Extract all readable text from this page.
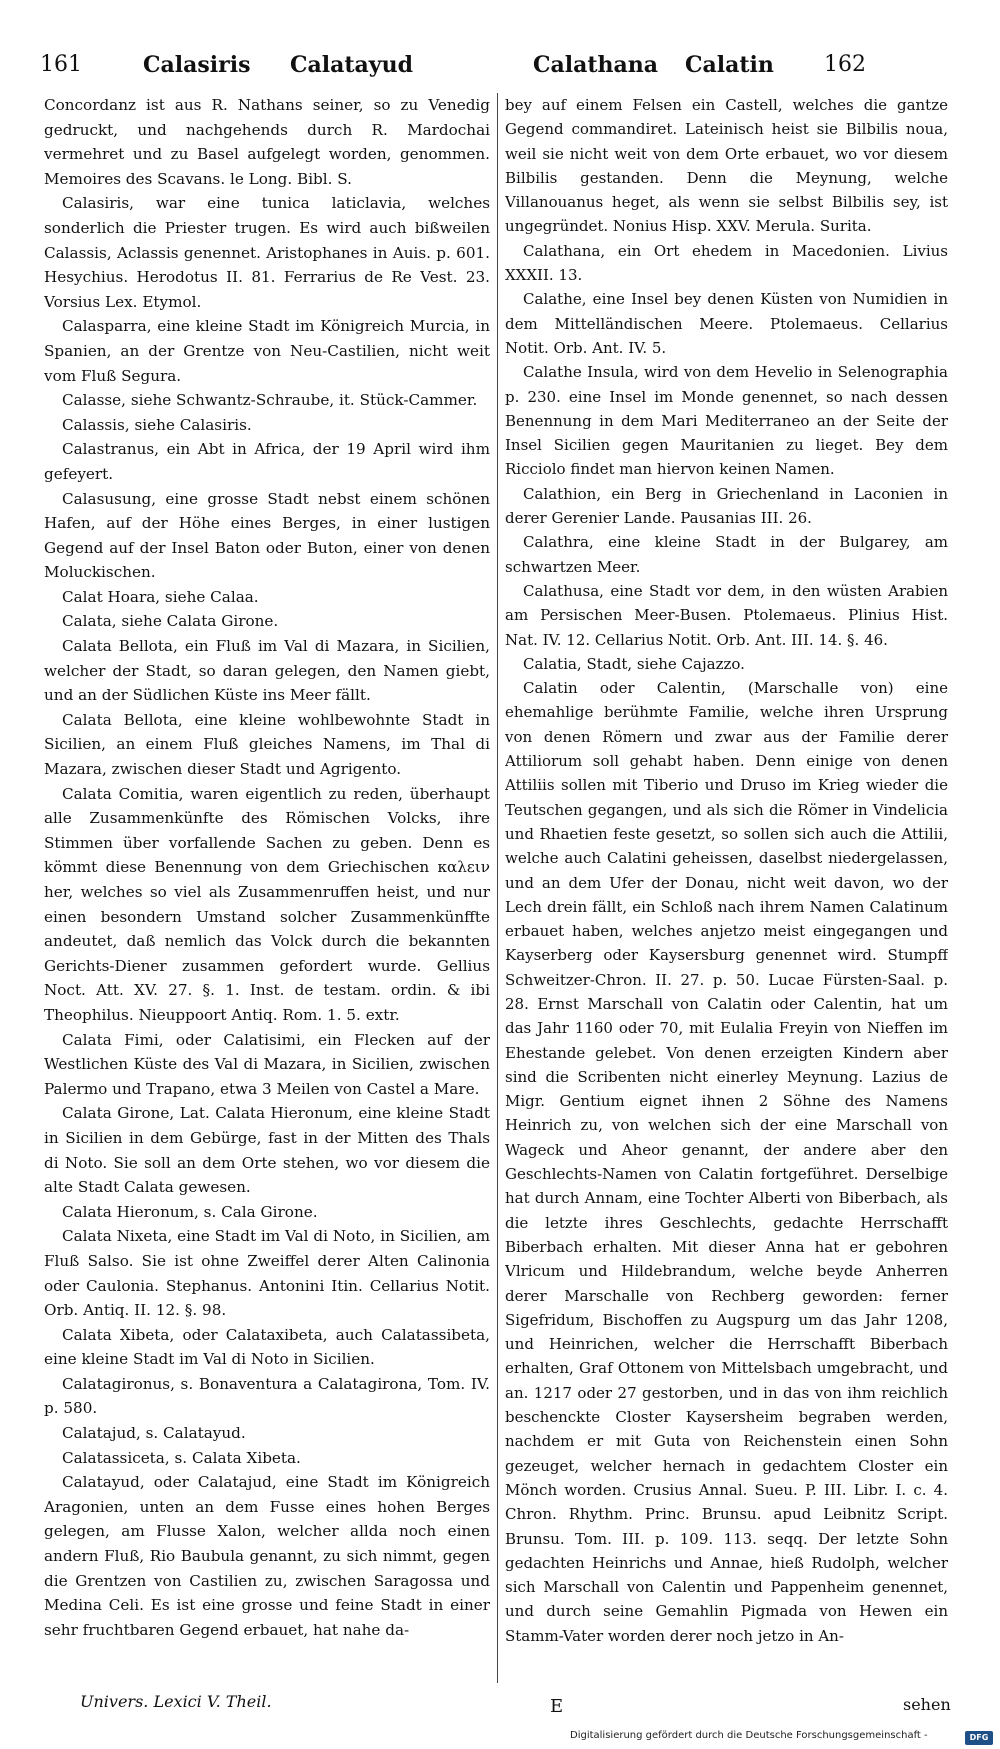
161	Calasiris Calatayud	Calathana Calatin 162

Concordanz ist aus R. Nathans seiner, so zu Venedig gedruckt, und nachgehends durch R. Mardochai vermehret und zu Basel aufgelegt worden, genommen. Memoires des Scavans. le Long. Bibl. S.

Calasiris, war eine tunica laticlavia, welches sonderlich die Priester trugen. Es wird auch bißweilen Calassis, Aclassis genennet. Aristophanes in Auis. p. 601. Hesychius. Herodotus II. 81. Ferrarius de Re Vest. 23. Vorsius Lex. Etymol.

Calasparra, eine kleine Stadt im Königreich Murcia, in Spanien, an der Grentze von Neu-Castilien, nicht weit vom Fluß Segura.

Calasse, siehe Schwantz-Schraube, it. Stück-Cammer.

Calassis, siehe Calasiris.

Calastranus, ein Abt in Africa, der 19 April wird ihm gefeyert.

Calasusung, eine grosse Stadt nebst einem schönen Hafen, auf der Höhe eines Berges, in einer lustigen Gegend auf der Insel Baton oder Buton, einer von denen Moluckischen.

Calat Hoara, siehe Calaa.

Calata, siehe Calata Girone.

Calata Bellota, ein Fluß im Val di Mazara, in Sicilien, welcher der Stadt, so daran gelegen, den Namen giebt, und an der Südlichen Küste ins Meer fällt.

Calata Bellota, eine kleine wohlbewohnte Stadt in Sicilien, an einem Fluß gleiches Namens, im Thal di Mazara, zwischen dieser Stadt und Agrigento.

Calata Comitia, waren eigentlich zu reden, überhaupt alle Zusammenkünfte des Römischen Volcks, ihre Stimmen über vorfallende Sachen zu geben. Denn es kömmt diese Benennung von dem Griechischen καλειν her, welches so viel als Zusammenruffen heist, und nur einen besondern Umstand solcher Zusammenkünffte andeutet, daß nemlich das Volck durch die bekannten Gerichts-Diener zusammen gefordert wurde. Gellius Noct. Att. XV. 27. §. 1. Inst. de testam. ordin. & ibi Theophilus. Nieuppoort Antiq. Rom. 1. 5. extr.

Calata Fimi, oder Calatisimi, ein Flecken auf der Westlichen Küste des Val di Mazara, in Sicilien, zwischen Palermo und Trapano, etwa 3 Meilen von Castel a Mare.

Calata Girone, Lat. Calata Hieronum, eine kleine Stadt in Sicilien in dem Gebürge, fast in der Mitten des Thals di Noto. Sie soll an dem Orte stehen, wo vor diesem die alte Stadt Calata gewesen.

Calata Hieronum, s. Cala Girone.

Calata Nixeta, eine Stadt im Val di Noto, in Sicilien, am Fluß Salso. Sie ist ohne Zweiffel derer Alten Calinonia oder Caulonia. Stephanus. Antonini Itin. Cellarius Notit. Orb. Antiq. II. 12. §. 98.

Calata Xibeta, oder Calataxibeta, auch Calatassibeta, eine kleine Stadt im Val di Noto in Sicilien.

Calatagironus, s. Bonaventura a Calatagirona, Tom. IV. p. 580.

Calatajud, s. Calatayud.

Calatassiceta, s. Calata Xibeta.

Calatayud, oder Calatajud, eine Stadt im Königreich Aragonien, unten an dem Fusse eines hohen Berges gelegen, am Flusse Xalon, welcher allda noch einen andern Fluß, Rio Baubula genannt, zu sich nimmt, gegen die Grentzen von Castilien zu, zwischen Saragossa und Medina Celi. Es ist eine grosse und feine Stadt in einer sehr fruchtbaren Gegend erbauet, hat nahe da-

bey auf einem Felsen ein Castell, welches die gantze Gegend commandiret. Lateinisch heist sie Bilbilis noua, weil sie nicht weit von dem Orte erbauet, wo vor diesem Bilbilis gestanden. Denn die Meynung, welche Villanouanus heget, als wenn sie selbst Bilbilis sey, ist ungegründet. Nonius Hisp. XXV. Merula. Surita.

Calathana, ein Ort ehedem in Macedonien. Livius XXXII. 13.

Calathe, eine Insel bey denen Küsten von Numidien in dem Mittelländischen Meere. Ptolemaeus. Cellarius Notit. Orb. Ant. IV. 5.

Calathe Insula, wird von dem Hevelio in Selenographia p. 230. eine Insel im Monde genennet, so nach dessen Benennung in dem Mari Mediterraneo an der Seite der Insel Sicilien gegen Mauritanien zu lieget. Bey dem Ricciolo findet man hiervon keinen Namen.

Calathion, ein Berg in Griechenland in Laconien in derer Gerenier Lande. Pausanias III. 26.

Calathra, eine kleine Stadt in der Bulgarey, am schwartzen Meer.

Calathusa, eine Stadt vor dem, in den wüsten Arabien am Persischen Meer-Busen. Ptolemaeus. Plinius Hist. Nat. IV. 12. Cellarius Notit. Orb. Ant. III. 14. §. 46.

Calatia, Stadt, siehe Cajazzo.

Calatin oder Calentin, (Marschalle von) eine ehemahlige berühmte Familie, welche ihren Ursprung von denen Römern und zwar aus der Familie derer Attiliorum soll gehabt haben. Denn einige von denen Attiliis sollen mit Tiberio und Druso im Krieg wieder die Teutschen gegangen, und als sich die Römer in Vindelicia und Rhaetien feste gesetzt, so sollen sich auch die Attilii, welche auch Calatini geheissen, daselbst niedergelassen, und an dem Ufer der Donau, nicht weit davon, wo der Lech drein fällt, ein Schloß nach ihrem Namen Calatinum erbauet haben, welches anjetzo meist eingegangen und Kayserberg oder Kaysersburg genennet wird. Stumpff Schweitzer-Chron. II. 27. p. 50. Lucae Fürsten-Saal. p. 28. Ernst Marschall von Calatin oder Calentin, hat um das Jahr 1160 oder 70, mit Eulalia Freyin von Nieffen im Ehestande gelebet. Von denen erzeigten Kindern aber sind die Scribenten nicht einerley Meynung. Lazius de Migr. Gentium eignet ihnen 2 Söhne des Namens Heinrich zu, von welchen sich der eine Marschall von Wageck und Aheor genannt, der andere aber den Geschlechts-Namen von Calatin fortgeführet. Derselbige hat durch Annam, eine Tochter Alberti von Biberbach, als die letzte ihres Geschlechts, gedachte Herrschafft Biberbach erhalten. Mit dieser Anna hat er gebohren Vlricum und Hildebrandum, welche beyde Anherren derer Marschalle von Rechberg geworden: ferner Sigefridum, Bischoffen zu Augspurg um das Jahr 1208, und Heinrichen, welcher die Herrschafft Biberbach erhalten, Graf Ottonem von Mittelsbach umgebracht, und an. 1217 oder 27 gestorben, und in das von ihm reichlich beschenckte Closter Kaysersheim begraben werden, nachdem er mit Guta von Reichenstein einen Sohn gezeuget, welcher hernach in gedachtem Closter ein Mönch worden. Crusius Annal. Sueu. P. III. Libr. I. c. 4. Chron. Rhythm. Princ. Brunsu. apud Leibnitz Script. Brunsu. Tom. III. p. 109. 113. seqq. Der letzte Sohn gedachten Heinrichs und Annae, hieß Rudolph, welcher sich Marschall von Calentin und Pappenheim genennet, und durch seine Gemahlin Pigmada von Hewen ein Stamm-Vater worden derer noch jetzo in An-

Univers. Lexici V. Theil.	E	sehen
Digitalisierung gefördert durch die Deutsche Forschungsgemeinschaft -	DFG
